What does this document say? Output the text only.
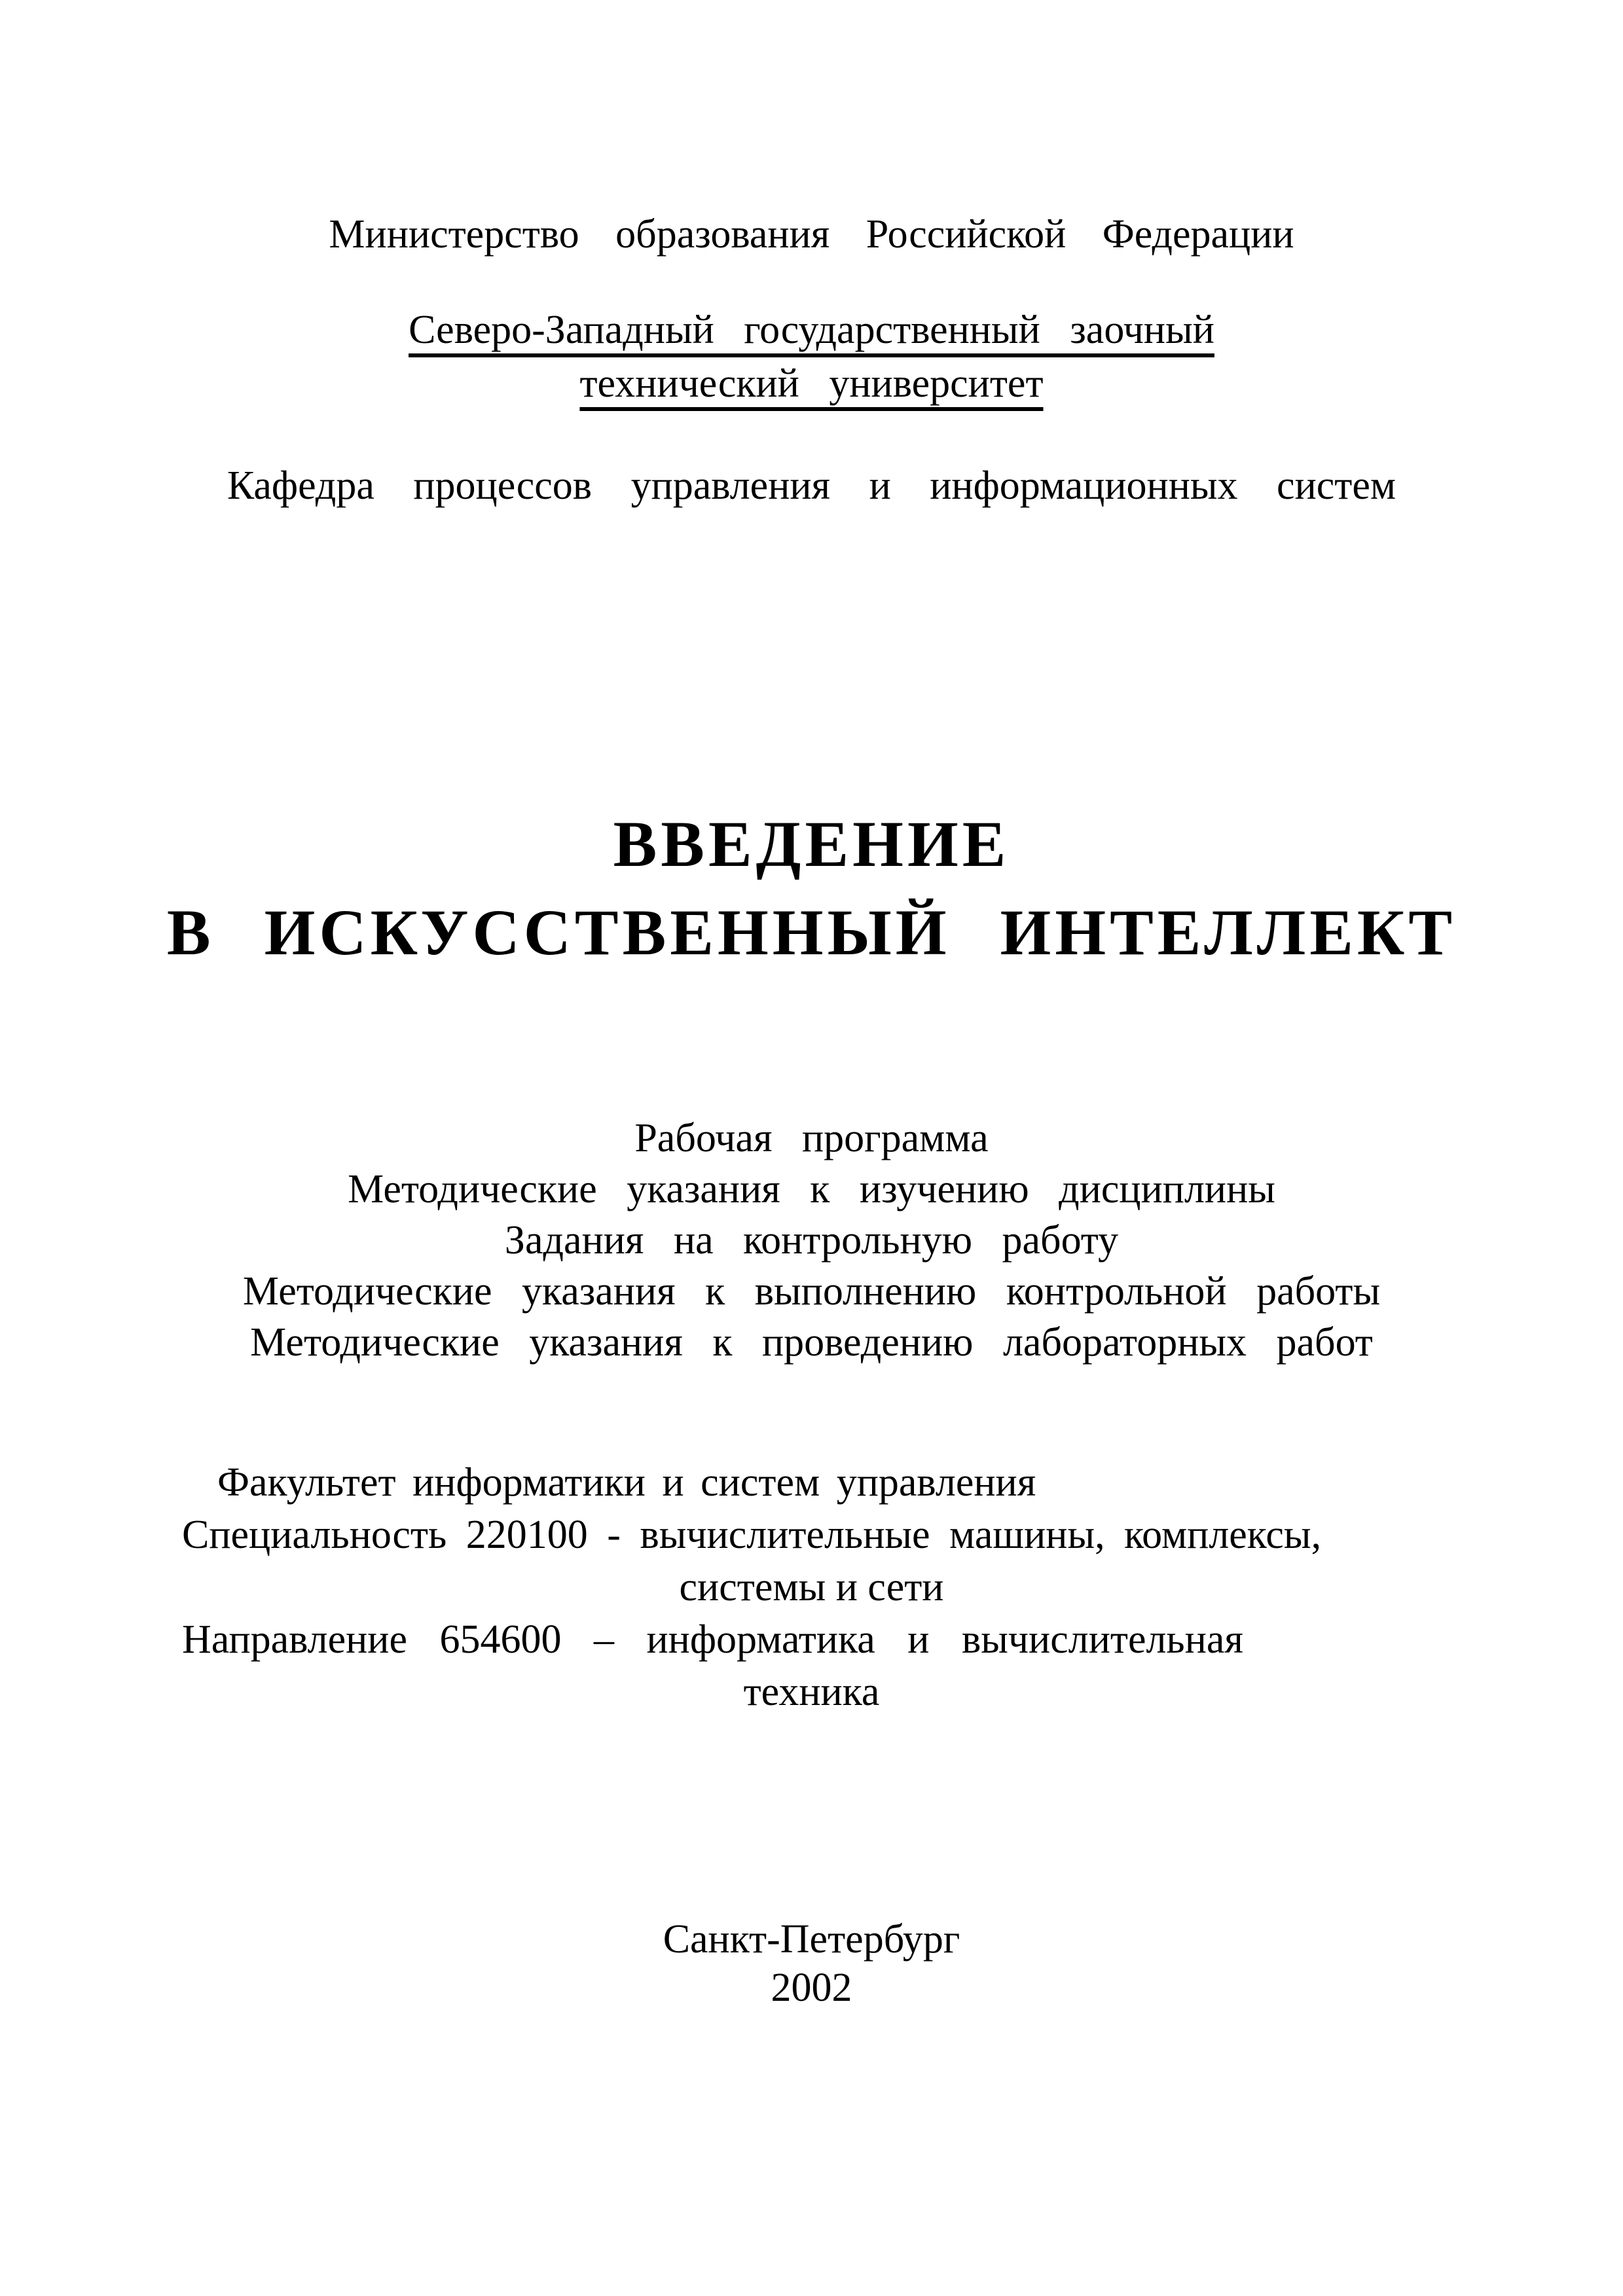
Министерство образования Российской Федерации
Северо-Западный государственный заочный
технический университет
Кафедра процессов управления и информационных систем
ВВЕДЕНИЕ
В ИСКУССТВЕННЫЙ ИНТЕЛЛЕКТ
Рабочая программа
Методические указания к изучению дисциплины
Задания на контрольную работу
Методические указания к выполнению контрольной работы
Методические указания к проведению лабораторных работ
Факультет информатики и систем управления
Специальность 220100 - вычислительные машины, комплексы,
системы и сети
Направление 654600 – информатика и вычислительная
техника
Санкт-Петербург
2002
